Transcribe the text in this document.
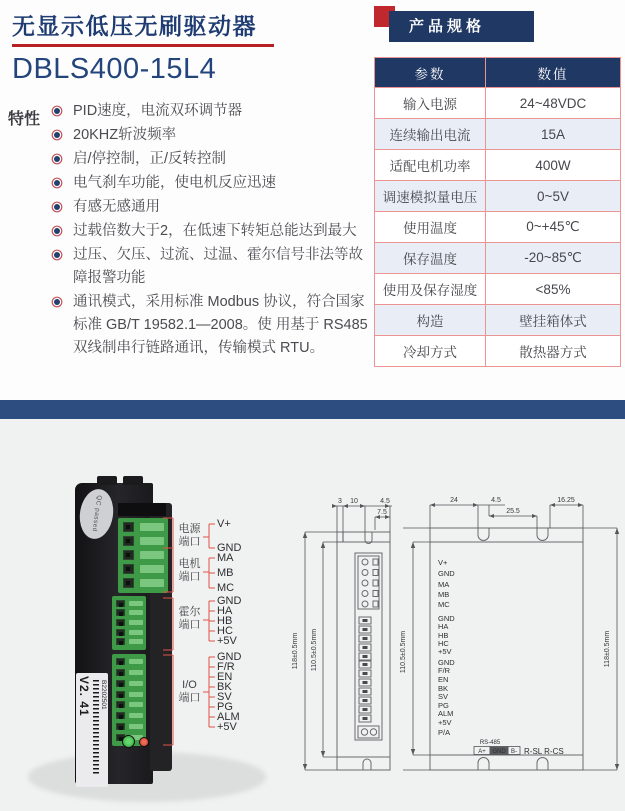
无显示低压无刷驱动器
DBLS400-15L4
特性	PID速度，电流双环调节器
20KHZ斩波频率
启/停控制，正/反转控制
电气刹车功能，使电机反应迅速
有感无感通用
过载倍数大于2，在低速下转矩总能达到最大
过压、欠压、过流、过温、霍尔信号非法等故障报警功能
通讯模式，采用标准 Modbus 协议，符合国家标准 GB/T 19582.1—2008。使 用基于 RS485 双线制串行链路通讯，传输模式 RTU。
产品规格
参数	数值
输入电源	24~48VDC
连续输出电流	15A
适配电机功率	400W
调速模拟量电压	0~5V
使用温度	0~+45℃
保存温度	-20~85℃
使用及保存湿度	<85%
构造	壁挂箱体式
冷却方式	散热器方式
QC passed
V2. 41 B2202501
电源
端口
电机
端口
霍尔
端口
I/O
端口
V+
GND
MA
MB
MC
GND
HA
HB
HC
+5V
GND
F/R
EN
BK
SV
PG
ALM
+5V
3 10	4.5
7.5
118±0.5mm 110.5±0.5mm
24	4.5
25.5
16.25
110.5±0.5mm	118±0.5mm
V+
GND
MA
MB
MC
GND
HA
HB
HC
+5V
GND
F/R
EN
BK
SV
PG
ALM
+5V
P/A
RS-485
A+ GND B- R-SL R-CS
